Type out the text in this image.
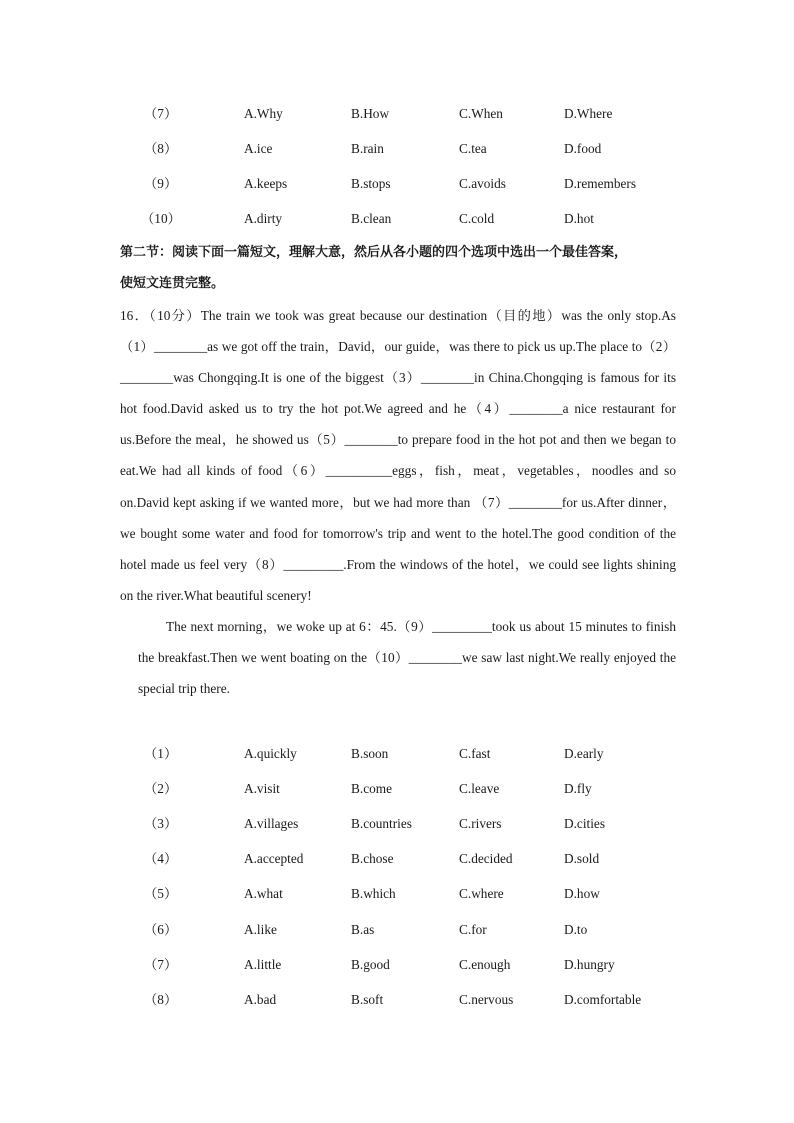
（7）	A.Why	B.How	C.When	D.Where
（8）	A.ice	B.rain	C.tea	D.food
（9）	A.keeps	B.stops	C.avoids	D.remembers
（10）	A.dirty	B.clean	C.cold	D.hot
第二节：阅读下面一篇短文，理解大意，然后从各小题的四个选项中选出一个最佳答案，
使短文连贯完整。
16．（10分）The train we took was great because our destination（目的地）was the only stop.As （1）________as we got off the train，David，our guide，was there to pick us up.The place to（2）________was Chongqing.It is one of the biggest（3）________in China.Chongqing is famous for its hot food.David asked us to try the hot pot.We agreed and he（4）________a nice restaurant for us.Before the meal，he showed us（5）________to prepare food in the hot pot and then we began to eat.We had all kinds of food（6）__________eggs，fish，meat，vegetables，noodles and so on.David kept asking if we wanted more，but we had more than （7）________for us.After dinner，we bought some water and food for tomorrow's trip and went to the hotel.The good condition of the hotel made us feel very（8）_________.From the windows of the hotel，we could see lights shining on the river.What beautiful scenery!
The next morning，we woke up at 6：45.（9）_________took us about 15 minutes to finish the breakfast.Then we went boating on the（10）________we saw last night.We really enjoyed the special trip there.
（1）	A.quickly	B.soon	C.fast	D.early
（2）	A.visit	B.come	C.leave	D.fly
（3）	A.villages	B.countries	C.rivers	D.cities
（4）	A.accepted	B.chose	C.decided	D.sold
（5）	A.what	B.which	C.where	D.how
（6）	A.like	B.as	C.for	D.to
（7）	A.little	B.good	C.enough	D.hungry
（8）	A.bad	B.soft	C.nervous	D.comfortable
